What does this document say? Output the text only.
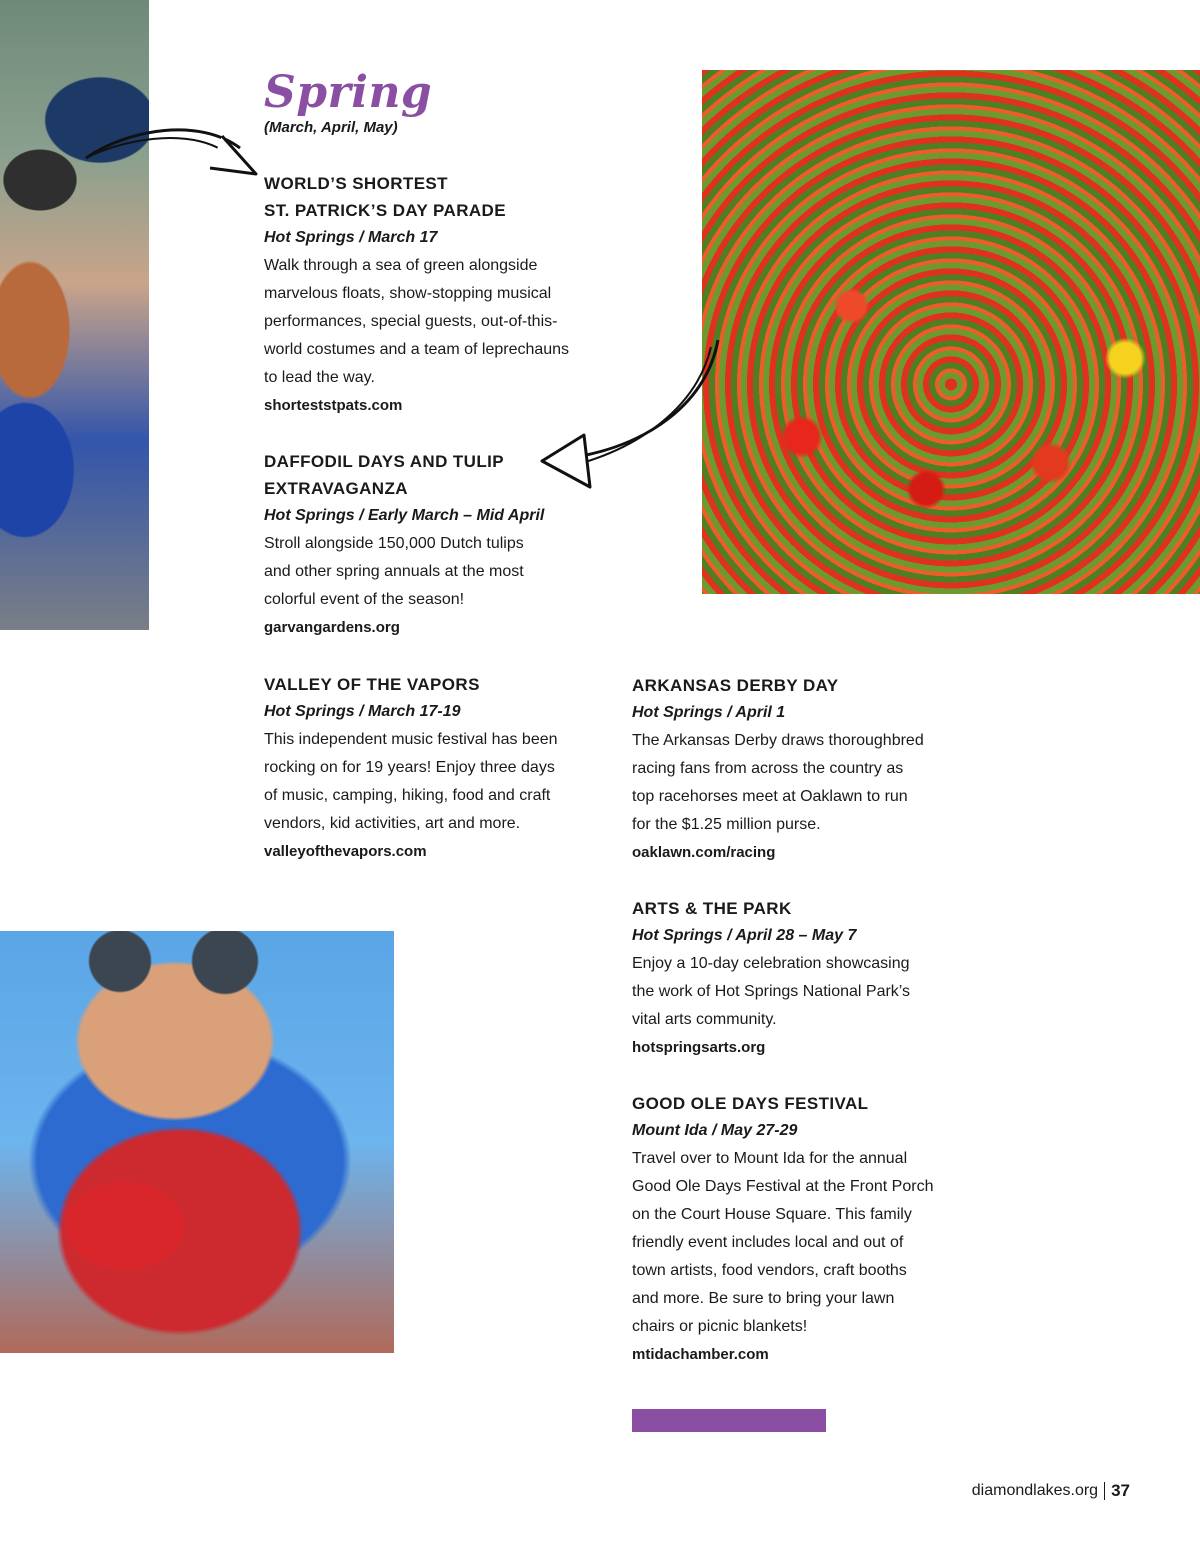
Spring
(March, April, May)
WORLD’S SHORTEST
ST. PATRICK’S DAY PARADE
Hot Springs / March 17

Walk through a sea of green alongside
marvelous floats, show-stopping musical
performances, special guests, out-of-this-
world costumes and a team of leprechauns
to lead the way.

shorteststpats.com
DAFFODIL DAYS AND TULIP
EXTRAVAGANZA
Hot Springs / Early March – Mid April

Stroll alongside 150,000 Dutch tulips
and other spring annuals at the most
colorful event of the season!

garvangardens.org
VALLEY OF THE VAPORS
Hot Springs / March 17-19

This independent music festival has been
rocking on for 19 years! Enjoy three days
of music, camping, hiking, food and craft
vendors, kid activities, art and more.

valleyofthevapors.com
ARKANSAS DERBY DAY
Hot Springs / April 1

The Arkansas Derby draws thoroughbred
racing fans from across the country as
top racehorses meet at Oaklawn to run
for the $1.25 million purse.

oaklawn.com/racing
ARTS & THE PARK
Hot Springs / April 28 – May 7

Enjoy a 10-day celebration showcasing
the work of Hot Springs National Park’s
vital arts community.

hotspringsarts.org
GOOD OLE DAYS FESTIVAL
Mount Ida / May 27-29

Travel over to Mount Ida for the annual
Good Ole Days Festival at the Front Porch
on the Court House Square. This family
friendly event includes local and out of
town artists, food vendors, craft booths
and more. Be sure to bring your lawn
chairs or picnic blankets!

mtidachamber.com
diamondlakes.org 37
